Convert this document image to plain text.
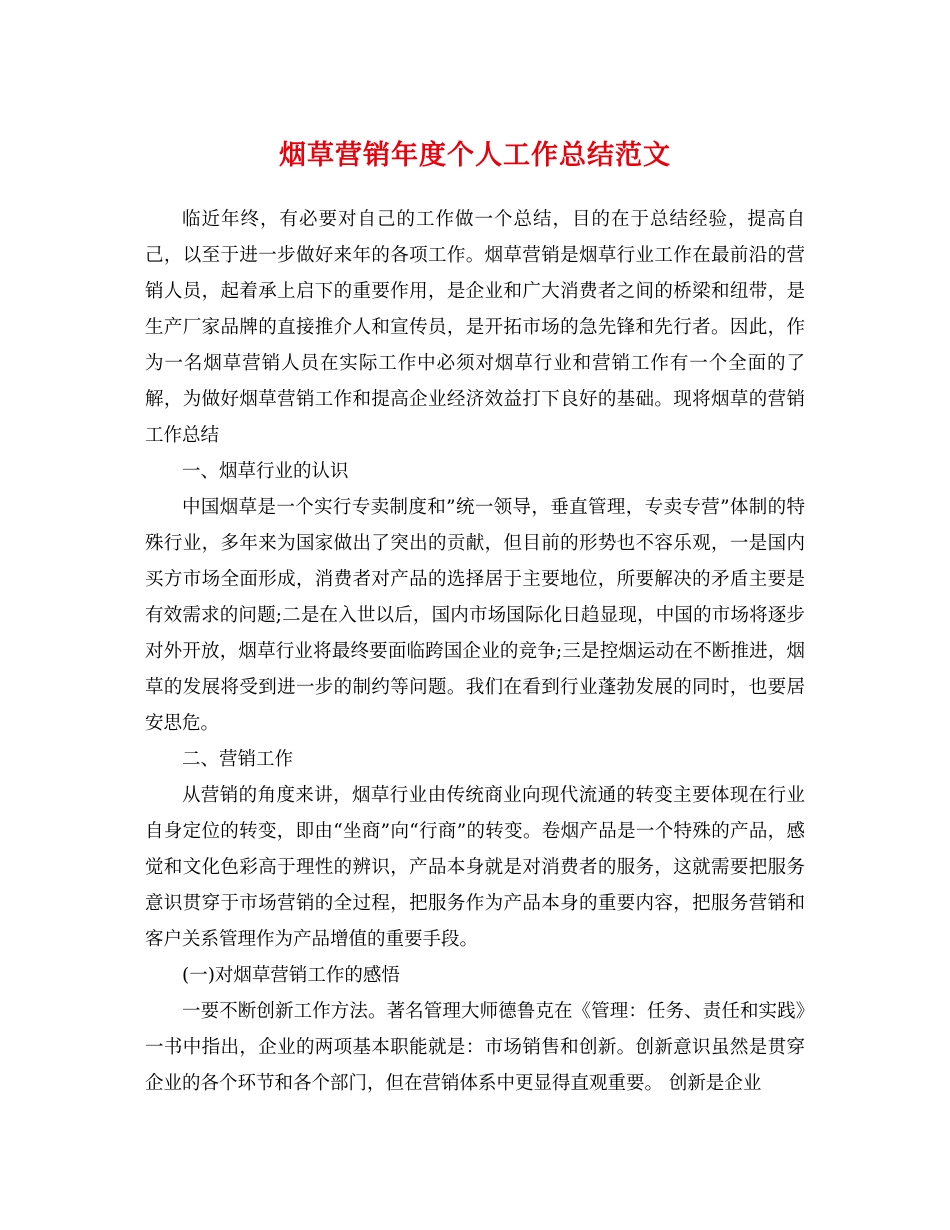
烟草营销年度个人工作总结范文

临近年终，有必要对自己的工作做一个总结，目的在于总结经验，提高自己，以至于进一步做好来年的各项工作。烟草营销是烟草行业工作在最前沿的营销人员，起着承上启下的重要作用，是企业和广大消费者之间的桥梁和纽带，是生产厂家品牌的直接推介人和宣传员，是开拓市场的急先锋和先行者。因此，作为一名烟草营销人员在实际工作中必须对烟草行业和营销工作有一个全面的了解，为做好烟草营销工作和提高企业经济效益打下良好的基础。现将烟草的营销工作总结

一、烟草行业的认识

中国烟草是一个实行专卖制度和”统一领导，垂直管理，专卖专营”体制的特殊行业，多年来为国家做出了突出的贡献，但目前的形势也不容乐观，一是国内买方市场全面形成，消费者对产品的选择居于主要地位，所要解决的矛盾主要是有效需求的问题;二是在入世以后，国内市场国际化日趋显现，中国的市场将逐步对外开放，烟草行业将最终要面临跨国企业的竞争;三是控烟运动在不断推进，烟草的发展将受到进一步的制约等问题。我们在看到行业蓬勃发展的同时，也要居安思危。

二、营销工作

从营销的角度来讲，烟草行业由传统商业向现代流通的转变主要体现在行业自身定位的转变，即由“坐商”向“行商”的转变。卷烟产品是一个特殊的产品，感觉和文化色彩高于理性的辨识，产品本身就是对消费者的服务，这就需要把服务意识贯穿于市场营销的全过程，把服务作为产品本身的重要内容，把服务营销和客户关系管理作为产品增值的重要手段。

(一)对烟草营销工作的感悟

一要不断创新工作方法。著名管理大师德鲁克在《管理：任务、责任和实践》一书中指出，企业的两项基本职能就是：市场销售和创新。创新意识虽然是贯穿企业的各个环节和各个部门，但在营销体系中更显得直观重要。 创新是企业
